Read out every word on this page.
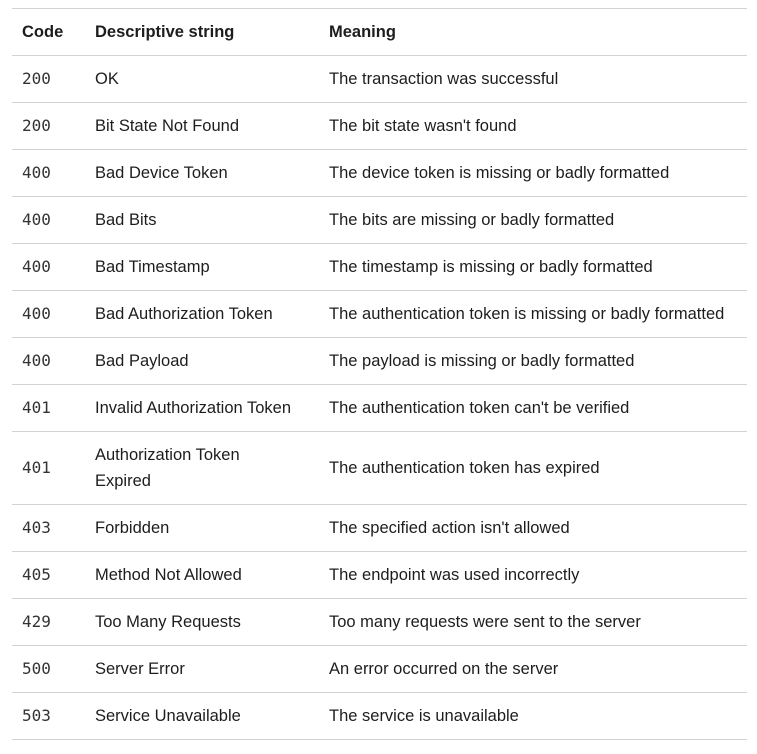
Code	Descriptive string	Meaning
200	OK	The transaction was successful
200	Bit State Not Found	The bit state wasn't found
400	Bad Device Token	The device token is missing or badly formatted
400	Bad Bits	The bits are missing or badly formatted
400	Bad Timestamp	The timestamp is missing or badly formatted
400	Bad Authorization Token	The authentication token is missing or badly formatted
400	Bad Payload	The payload is missing or badly formatted
401	Invalid Authorization Token	The authentication token can't be verified
401	Authorization Token Expired	The authentication token has expired
403	Forbidden	The specified action isn't allowed
405	Method Not Allowed	The endpoint was used incorrectly
429	Too Many Requests	Too many requests were sent to the server
500	Server Error	An error occurred on the server
503	Service Unavailable	The service is unavailable
